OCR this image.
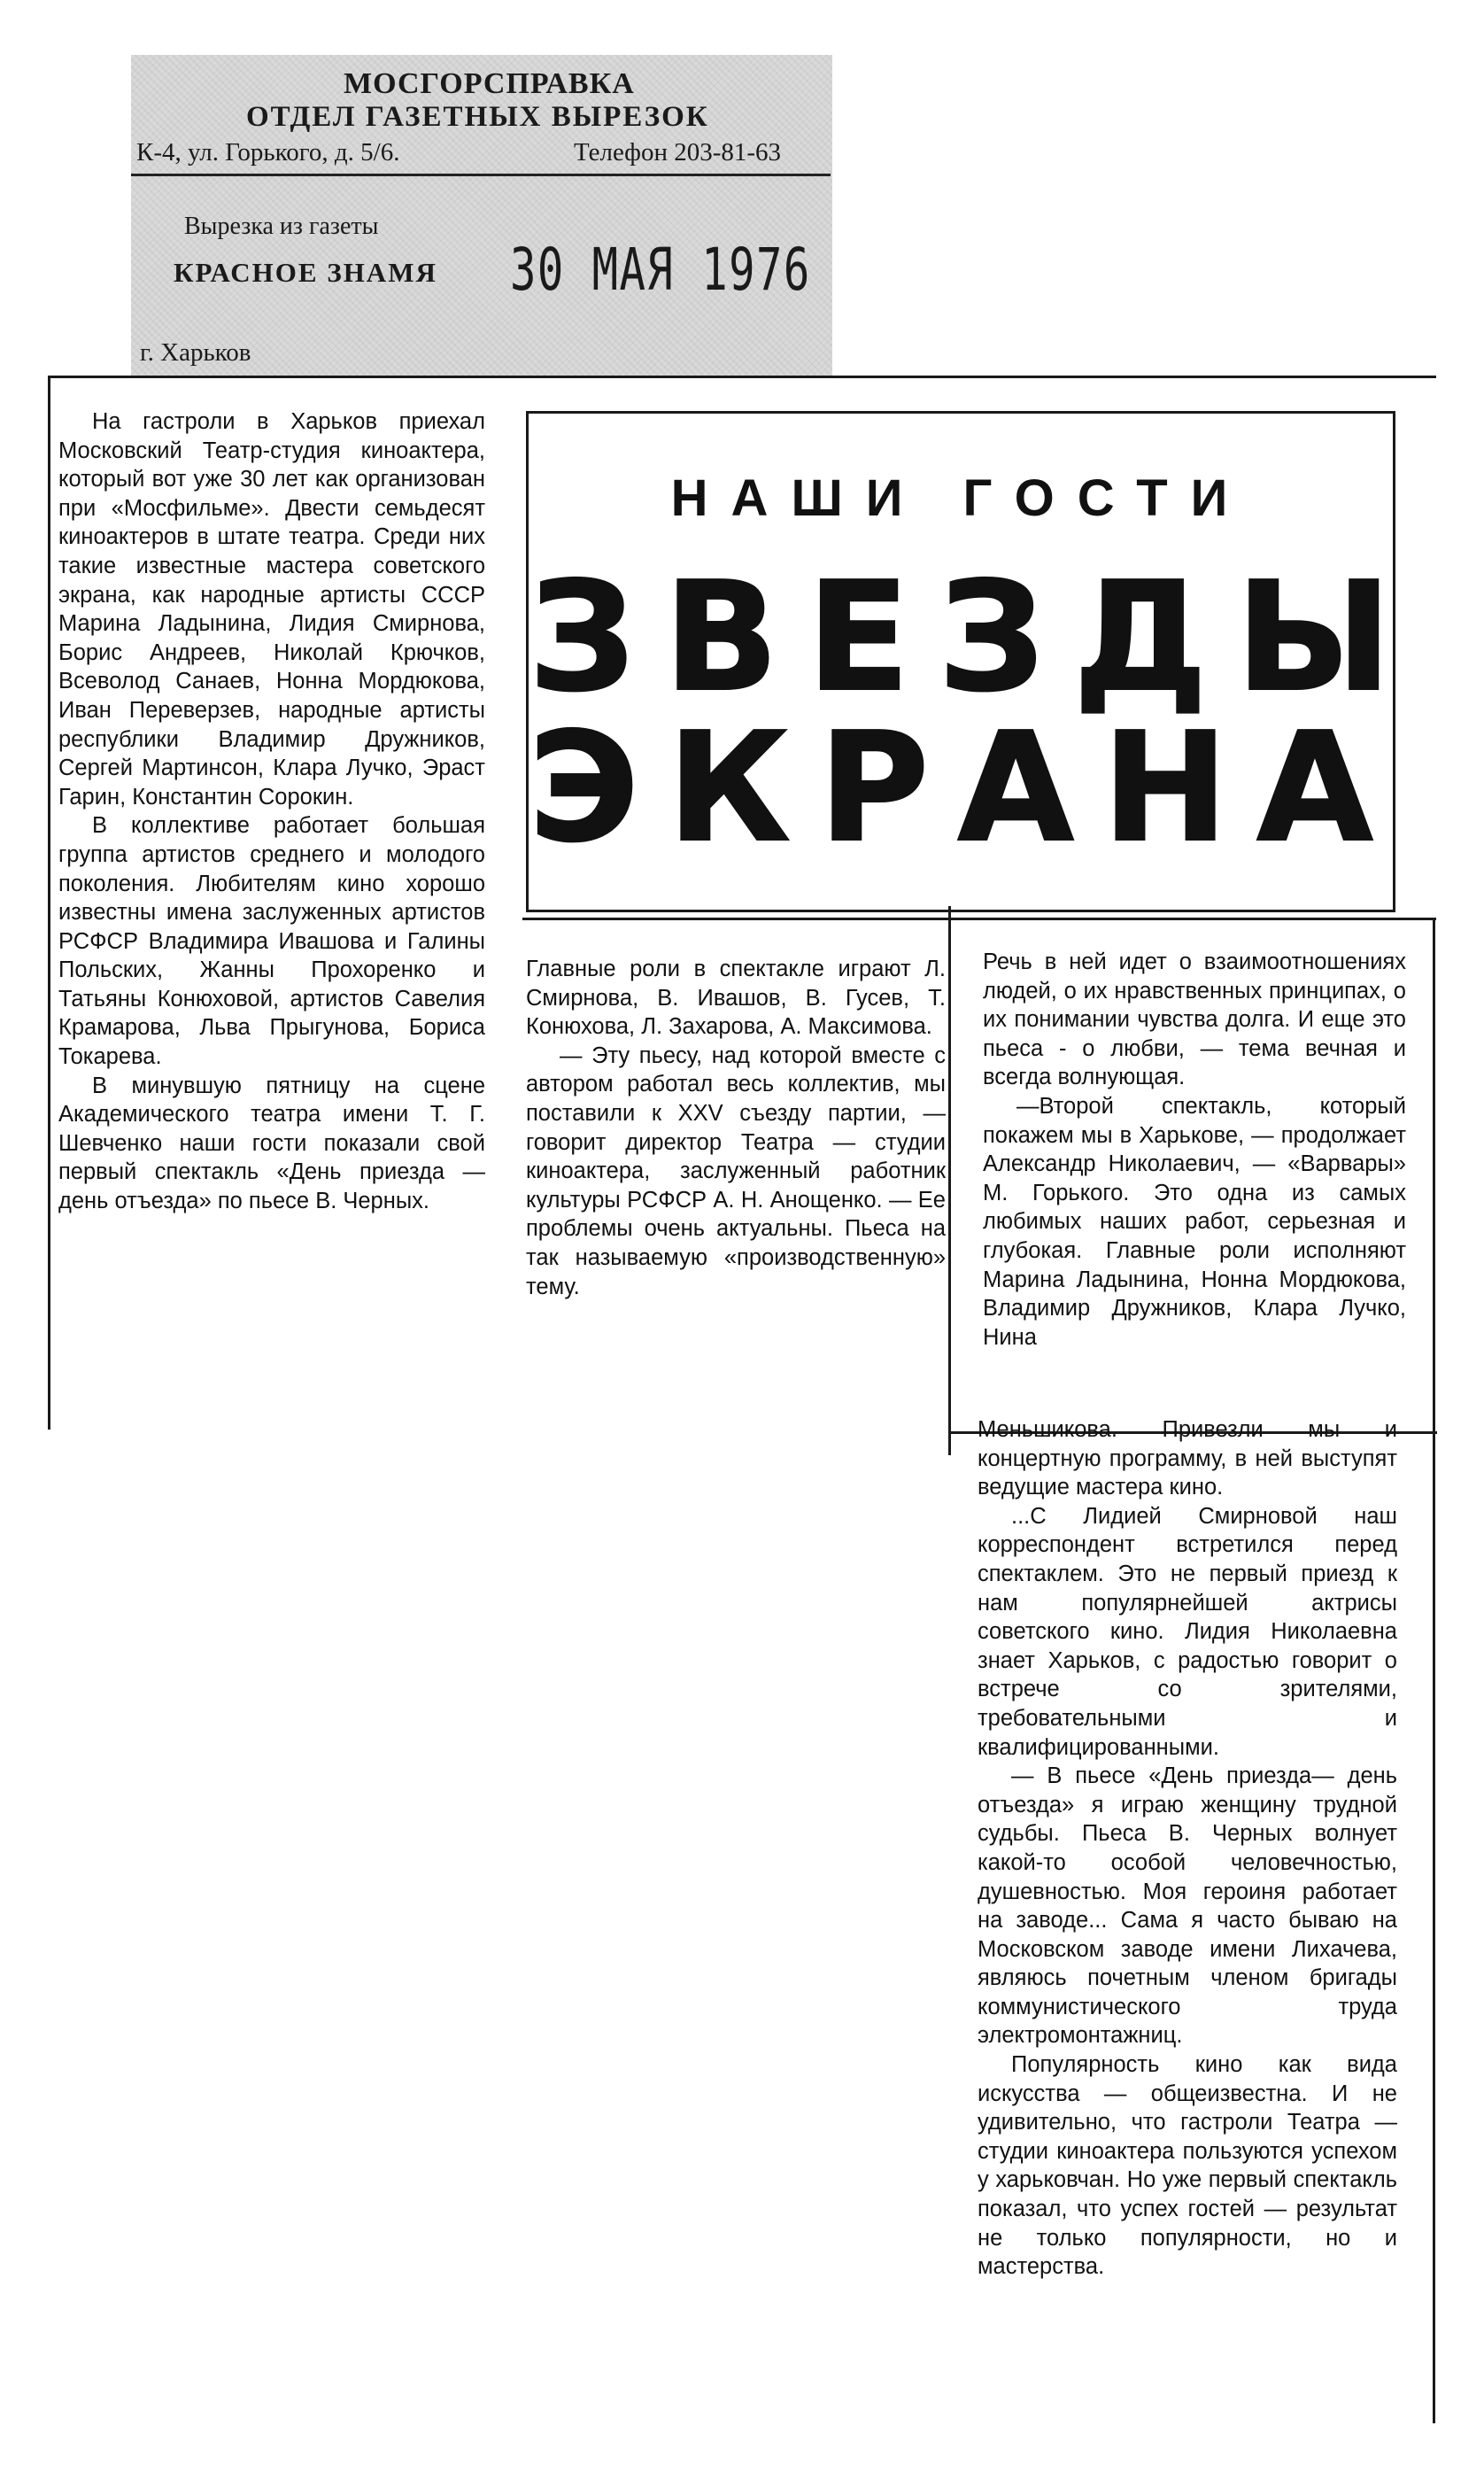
МОСГОРСПРАВКА
ОТДЕЛ ГАЗЕТНЫХ ВЫРЕЗОК
К-4, ул. Горького, д. 5/6.	Телефон 203-81-63
Вырезка из газеты
КРАСНОЕ ЗНАМЯ 30 МАЯ 1976
г. Харьков
НАШИ ГОСТИ
ЗВЕЗДЫ
ЭКРАНА

На гастроли в Харьков приехал Московский Театр-студия киноактера, который вот уже 30 лет как организован при «Мосфильме». Двести семьдесят киноактеров в штате театра. Среди них такие известные мастера советского экрана, как народные артисты СССР Марина Ладынина, Лидия Смирнова, Борис Андреев, Николай Крючков, Всеволод Санаев, Нонна Мордюкова, Иван Переверзев, народные артисты республики Владимир Дружников, Сергей Мартинсон, Клара Лучко, Эраст Гарин, Константин Сорокин.

В коллективе работает большая группа артистов среднего и молодого поколения. Любителям кино хорошо известны имена заслуженных артистов РСФСР Владимира Ивашова и Галины Польских, Жанны Прохоренко и Татьяны Конюховой, артистов Савелия Крамарова, Льва Прыгунова, Бориса Токарева.

В минувшую пятницу на сцене Академического театра имени Т. Г. Шевченко наши гости показали свой первый спектакль «День приезда — день отъезда» по пьесе В. Черных.

Главные роли в спектакле играют Л. Смирнова, В. Ивашов, В. Гусев, Т. Конюхова, Л. Захарова, А. Максимова.

— Эту пьесу, над которой вместе с автором работал весь коллектив, мы поставили к XXV съезду партии, — говорит директор Театра — студии киноактера, заслуженный работник культуры РСФСР А. Н. Анощенко. — Ее проблемы очень актуальны. Пьеса на так называемую «производственную» тему.

Речь в ней идет о взаимоотношениях людей, о их нравственных принципах, о их понимании чувства долга. И еще это пьеса - о любви, — тема вечная и всегда волнующая.

—Второй спектакль, который покажем мы в Харькове, — продолжает Александр Николаевич, — «Варвары» М. Горького. Это одна из самых любимых наших работ, серьезная и глубокая. Главные роли исполняют Марина Ладынина, Нонна Мордюкова, Владимир Дружников, Клара Лучко, Нина

Меньшикова. Привезли мы и концертную программу, в ней выступят ведущие мастера кино.

...С Лидией Смирновой наш корреспондент встретился перед спектаклем. Это не первый приезд к нам популярнейшей актрисы советского кино. Лидия Николаевна знает Харьков, с радостью говорит о встрече со зрителями, требовательными и квалифицированными.

— В пьесе «День приезда— день отъезда» я играю женщину трудной судьбы. Пьеса В. Черных волнует какой-то особой человечностью, душевностью. Моя героиня работает на заводе... Сама я часто бываю на Московском заводе имени Лихачева, являюсь почетным членом бригады коммунистического труда электромонтажниц.

Популярность кино как вида искусства — общеизвестна. И не удивительно, что гастроли Театра — студии киноактера пользуются успехом у харьковчан. Но уже первый спектакль показал, что успех гостей — результат не только популярности, но и мастерства.
